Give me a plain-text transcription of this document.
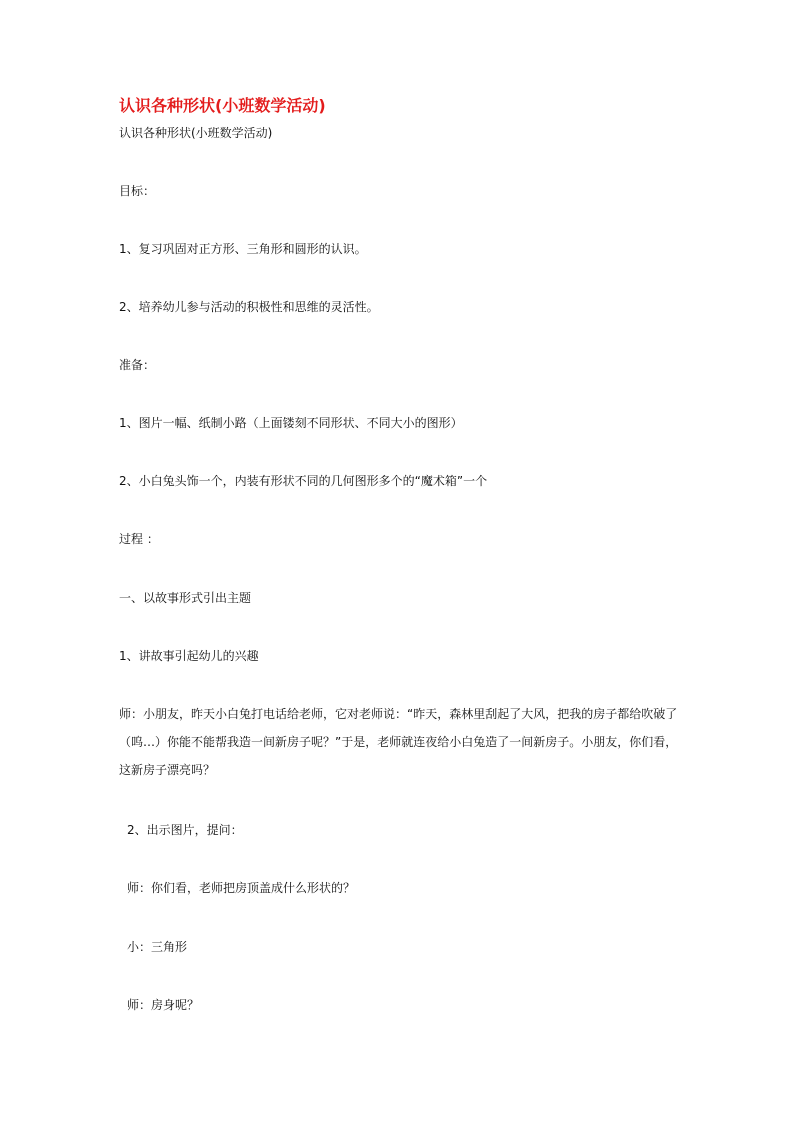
认识各种形状(小班数学活动)
认识各种形状(小班数学活动)
目标：
1、复习巩固对正方形、三角形和圆形的认识。
2、培养幼儿参与活动的积极性和思维的灵活性。
准备：
1、图片一幅、纸制小路（上面镂刻不同形状、不同大小的图形）
2、小白兔头饰一个，内装有形状不同的几何图形多个的“魔术箱”一个
过程 ：
一、以故事形式引出主题
1、讲故事引起幼儿的兴趣
师：小朋友，昨天小白兔打电话给老师，它对老师说：“昨天，森林里刮起了大风，把我的房子都给吹破了（呜…）你能不能帮我造一间新房子呢？”于是，老师就连夜给小白兔造了一间新房子。小朋友，你们看，这新房子漂亮吗？
2、出示图片，提问：
师：你们看，老师把房顶盖成什么形状的？
小：三角形
师：房身呢？
